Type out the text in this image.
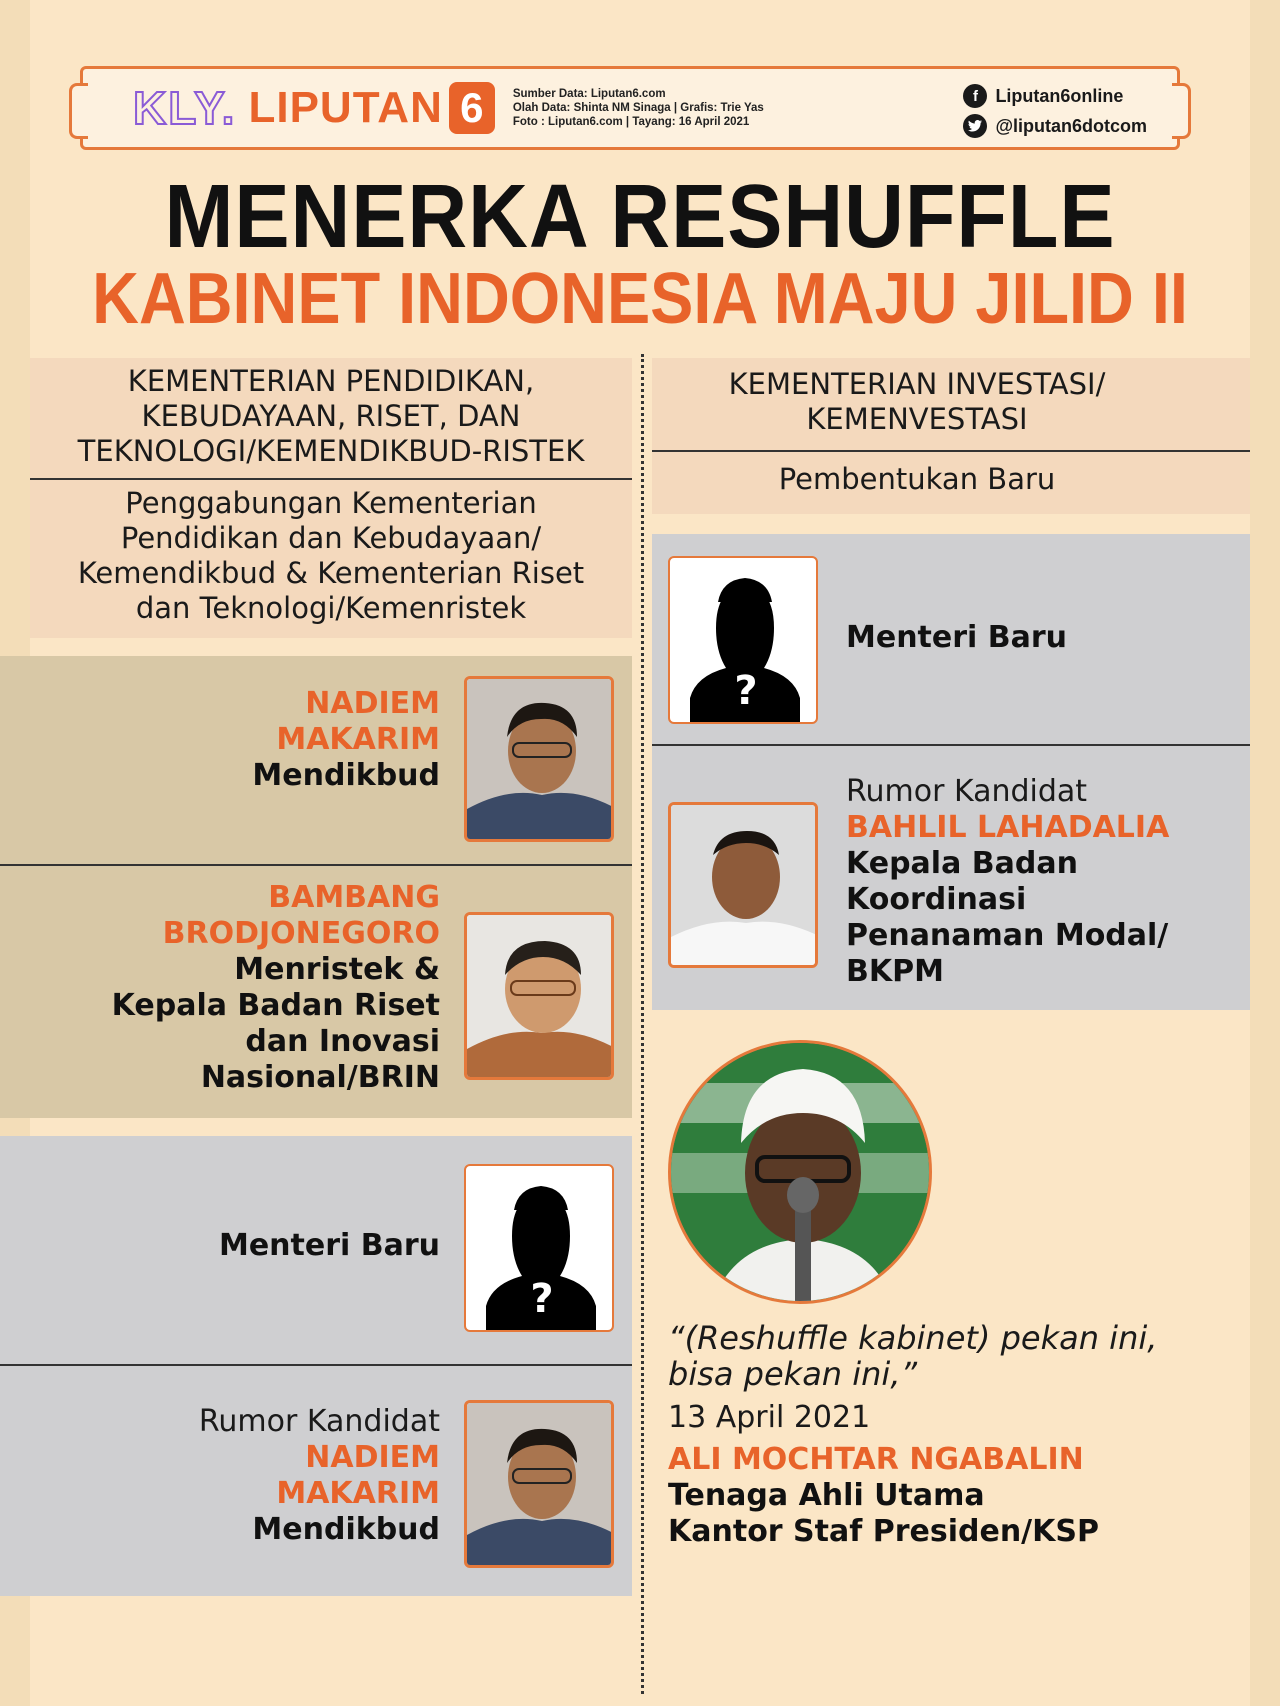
KLY. LIPUTAN 6	Sumber Data: Liputan6.com
Olah Data: Shinta NM Sinaga | Grafis: Trie Yas
Foto : Liputan6.com | Tayang: 16 April 2021
f Liputan6online
@liputan6dotcom
MENERKA RESHUFFLE
KABINET INDONESIA MAJU JILID II
KEMENTERIAN PENDIDIKAN,
KEBUDAYAAN, RISET, DAN
TEKNOLOGI/KEMENDIKBUD-RISTEK
Penggabungan Kementerian
Pendidikan dan Kebudayaan/
Kemendikbud & Kementerian Riset
dan Teknologi/Kemenristek
NADIEM
MAKARIM
Mendikbud
BAMBANG
BRODJONEGORO
Menristek &
Kepala Badan Riset
dan Inovasi
Nasional/BRIN
Menteri Baru
?
Rumor Kandidat
NADIEM
MAKARIM
Mendikbud
KEMENTERIAN INVESTASI/
KEMENVESTASI
Pembentukan Baru
?
Menteri Baru
Rumor Kandidat
BAHLIL LAHADALIA
Kepala Badan
Koordinasi
Penanaman Modal/
BKPM
“(Reshuffle kabinet) pekan ini,
bisa pekan ini,”
13 April 2021
ALI MOCHTAR NGABALIN
Tenaga Ahli Utama
Kantor Staf Presiden/KSP
